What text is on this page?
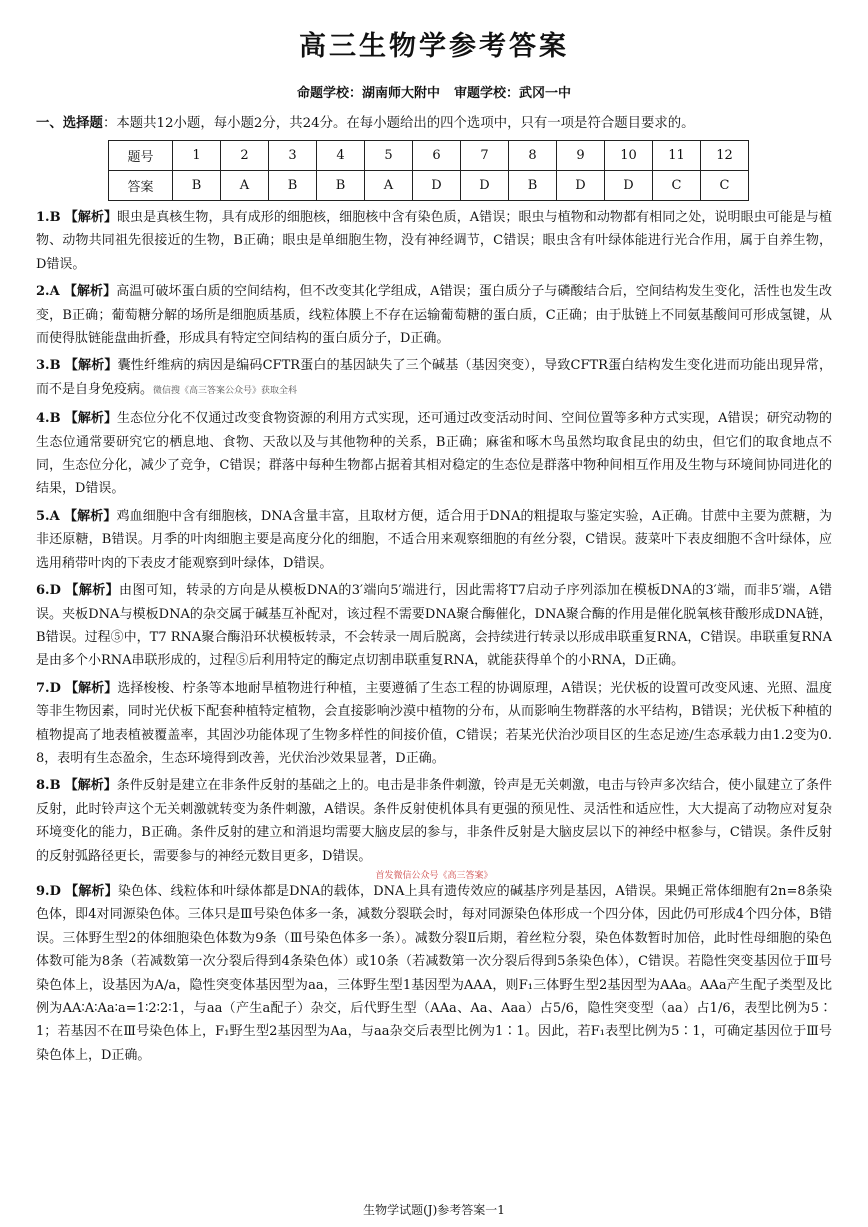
高三生物学参考答案
命题学校：湖南师大附中 审题学校：武冈一中
一、选择题：本题共12小题，每小题2分，共24分。在每小题给出的四个选项中，只有一项是符合题目要求的。
题号	1	2	3	4	5	6	7	8	9	10	11	12
答案	B	A	B	B	A	D	D	B	D	D	C	C

1.B 【解析】眼虫是真核生物，具有成形的细胞核，细胞核中含有染色质，A错误；眼虫与植物和动物都有相同之处，说明眼虫可能是与植物、动物共同祖先很接近的生物，B正确；眼虫是单细胞生物，没有神经调节，C错误；眼虫含有叶绿体能进行光合作用，属于自养生物，D错误。

2.A 【解析】高温可破坏蛋白质的空间结构，但不改变其化学组成，A错误；蛋白质分子与磷酸结合后，空间结构发生变化，活性也发生改变，B正确；葡萄糖分解的场所是细胞质基质，线粒体膜上不存在运输葡萄糖的蛋白质，C正确；由于肽链上不同氨基酸间可形成氢键，从而使得肽链能盘曲折叠，形成具有特定空间结构的蛋白质分子，D正确。

3.B 【解析】囊性纤维病的病因是编码CFTR蛋白的基因缺失了三个碱基（基因突变），导致CFTR蛋白结构发生变化进而功能出现异常，而不是自身免疫病。微信搜《高三答案公众号》获取全科

4.B 【解析】生态位分化不仅通过改变食物资源的利用方式实现，还可通过改变活动时间、空间位置等多种方式实现，A错误；研究动物的生态位通常要研究它的栖息地、食物、天敌以及与其他物种的关系，B正确；麻雀和啄木鸟虽然均取食昆虫的幼虫，但它们的取食地点不同，生态位分化，减少了竞争，C错误；群落中每种生物都占据着其相对稳定的生态位是群落中物种间相互作用及生物与环境间协同进化的结果，D错误。

5.A 【解析】鸡血细胞中含有细胞核，DNA含量丰富，且取材方便，适合用于DNA的粗提取与鉴定实验，A正确。甘蔗中主要为蔗糖，为非还原糖，B错误。月季的叶肉细胞主要是高度分化的细胞，不适合用来观察细胞的有丝分裂，C错误。菠菜叶下表皮细胞不含叶绿体，应选用稍带叶肉的下表皮才能观察到叶绿体，D错误。

6.D 【解析】由图可知，转录的方向是从模板DNA的3′端向5′端进行，因此需将T7启动子序列添加在模板DNA的3′端，而非5′端，A错误。夹板DNA与模板DNA的杂交属于碱基互补配对，该过程不需要DNA聚合酶催化，DNA聚合酶的作用是催化脱氧核苷酸形成DNA链，B错误。过程⑤中，T7 RNA聚合酶沿环状模板转录，不会转录一周后脱离，会持续进行转录以形成串联重复RNA，C错误。串联重复RNA是由多个小RNA串联形成的，过程⑤后利用特定的酶定点切割串联重复RNA，就能获得单个的小RNA，D正确。

7.D 【解析】选择梭梭、柠条等本地耐旱植物进行种植，主要遵循了生态工程的协调原理，A错误；光伏板的设置可改变风速、光照、温度等非生物因素，同时光伏板下配套种植特定植物，会直接影响沙漠中植物的分布，从而影响生物群落的水平结构，B错误；光伏板下种植的植物提高了地表植被覆盖率，其固沙功能体现了生物多样性的间接价值，C错误；若某光伏治沙项目区的生态足迹/生态承载力由1.2变为0.8，表明有生态盈余，生态环境得到改善，光伏治沙效果显著，D正确。

8.B 【解析】条件反射是建立在非条件反射的基础之上的。电击是非条件刺激，铃声是无关刺激，电击与铃声多次结合，使小鼠建立了条件反射，此时铃声这个无关刺激就转变为条件刺激，A错误。条件反射使机体具有更强的预见性、灵活性和适应性，大大提高了动物应对复杂环境变化的能力，B正确。条件反射的建立和消退均需要大脑皮层的参与，非条件反射是大脑皮层以下的神经中枢参与，C错误。条件反射的反射弧路径更长，需要参与的神经元数目更多，D错误。

首发微信公众号《高三答案》

9.D 【解析】染色体、线粒体和叶绿体都是DNA的载体，DNA上具有遗传效应的碱基序列是基因，A错误。果蝇正常体细胞有2n=8条染色体，即4对同源染色体。三体只是Ⅲ号染色体多一条，减数分裂联会时，每对同源染色体形成一个四分体，因此仍可形成4个四分体，B错误。三体野生型2的体细胞染色体数为9条（Ⅲ号染色体多一条）。减数分裂Ⅱ后期，着丝粒分裂，染色体数暂时加倍，此时性母细胞的染色体数可能为8条（若减数第一次分裂后得到4条染色体）或10条（若减数第一次分裂后得到5条染色体），C错误。若隐性突变基因位于Ⅲ号染色体上，设基因为A/a，隐性突变体基因型为aa，三体野生型1基因型为AAA，则F₁三体野生型2基因型为AAa。AAa产生配子类型及比例为AA∶A∶Aa∶a=1∶2∶2∶1，与aa（产生a配子）杂交，后代野生型（AAa、Aa、Aaa）占5/6，隐性突变型（aa）占1/6，表型比例为5∶1；若基因不在Ⅲ号染色体上，F₁野生型2基因型为Aa，与aa杂交后表型比例为1∶1。因此，若F₁表型比例为5∶1，可确定基因位于Ⅲ号染色体上，D正确。

生物学试题(J)参考答案一1
